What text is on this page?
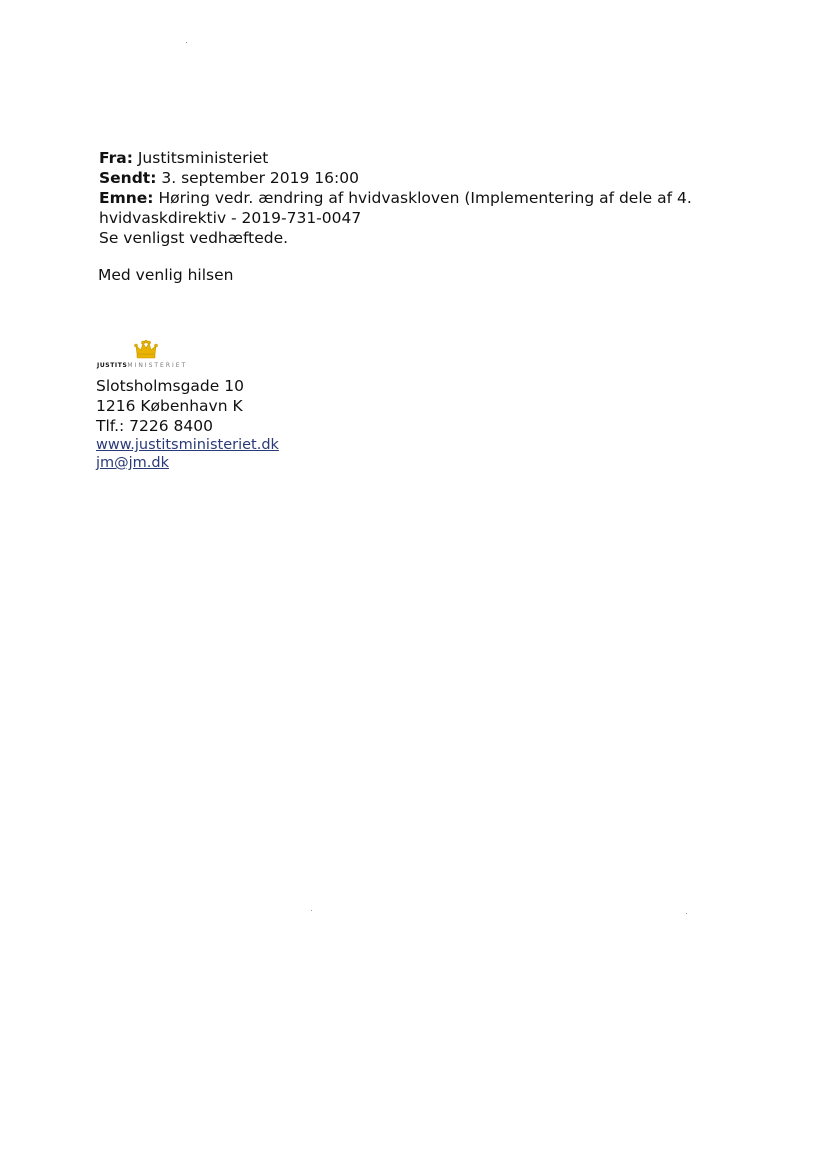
Fra: Justitsministeriet
Sendt: 3. september 2019 16:00
Emne: Høring vedr. ændring af hvidvaskloven (Implementering af dele af 4.
hvidvaskdirektiv - 2019-731-0047
Se venligst vedhæftede.
Med venlig hilsen
JUSTITSMINISTERIET
Slotsholmsgade 10
1216 København K
Tlf.: 7226 8400
www.justitsministeriet.dk
jm@jm.dk
